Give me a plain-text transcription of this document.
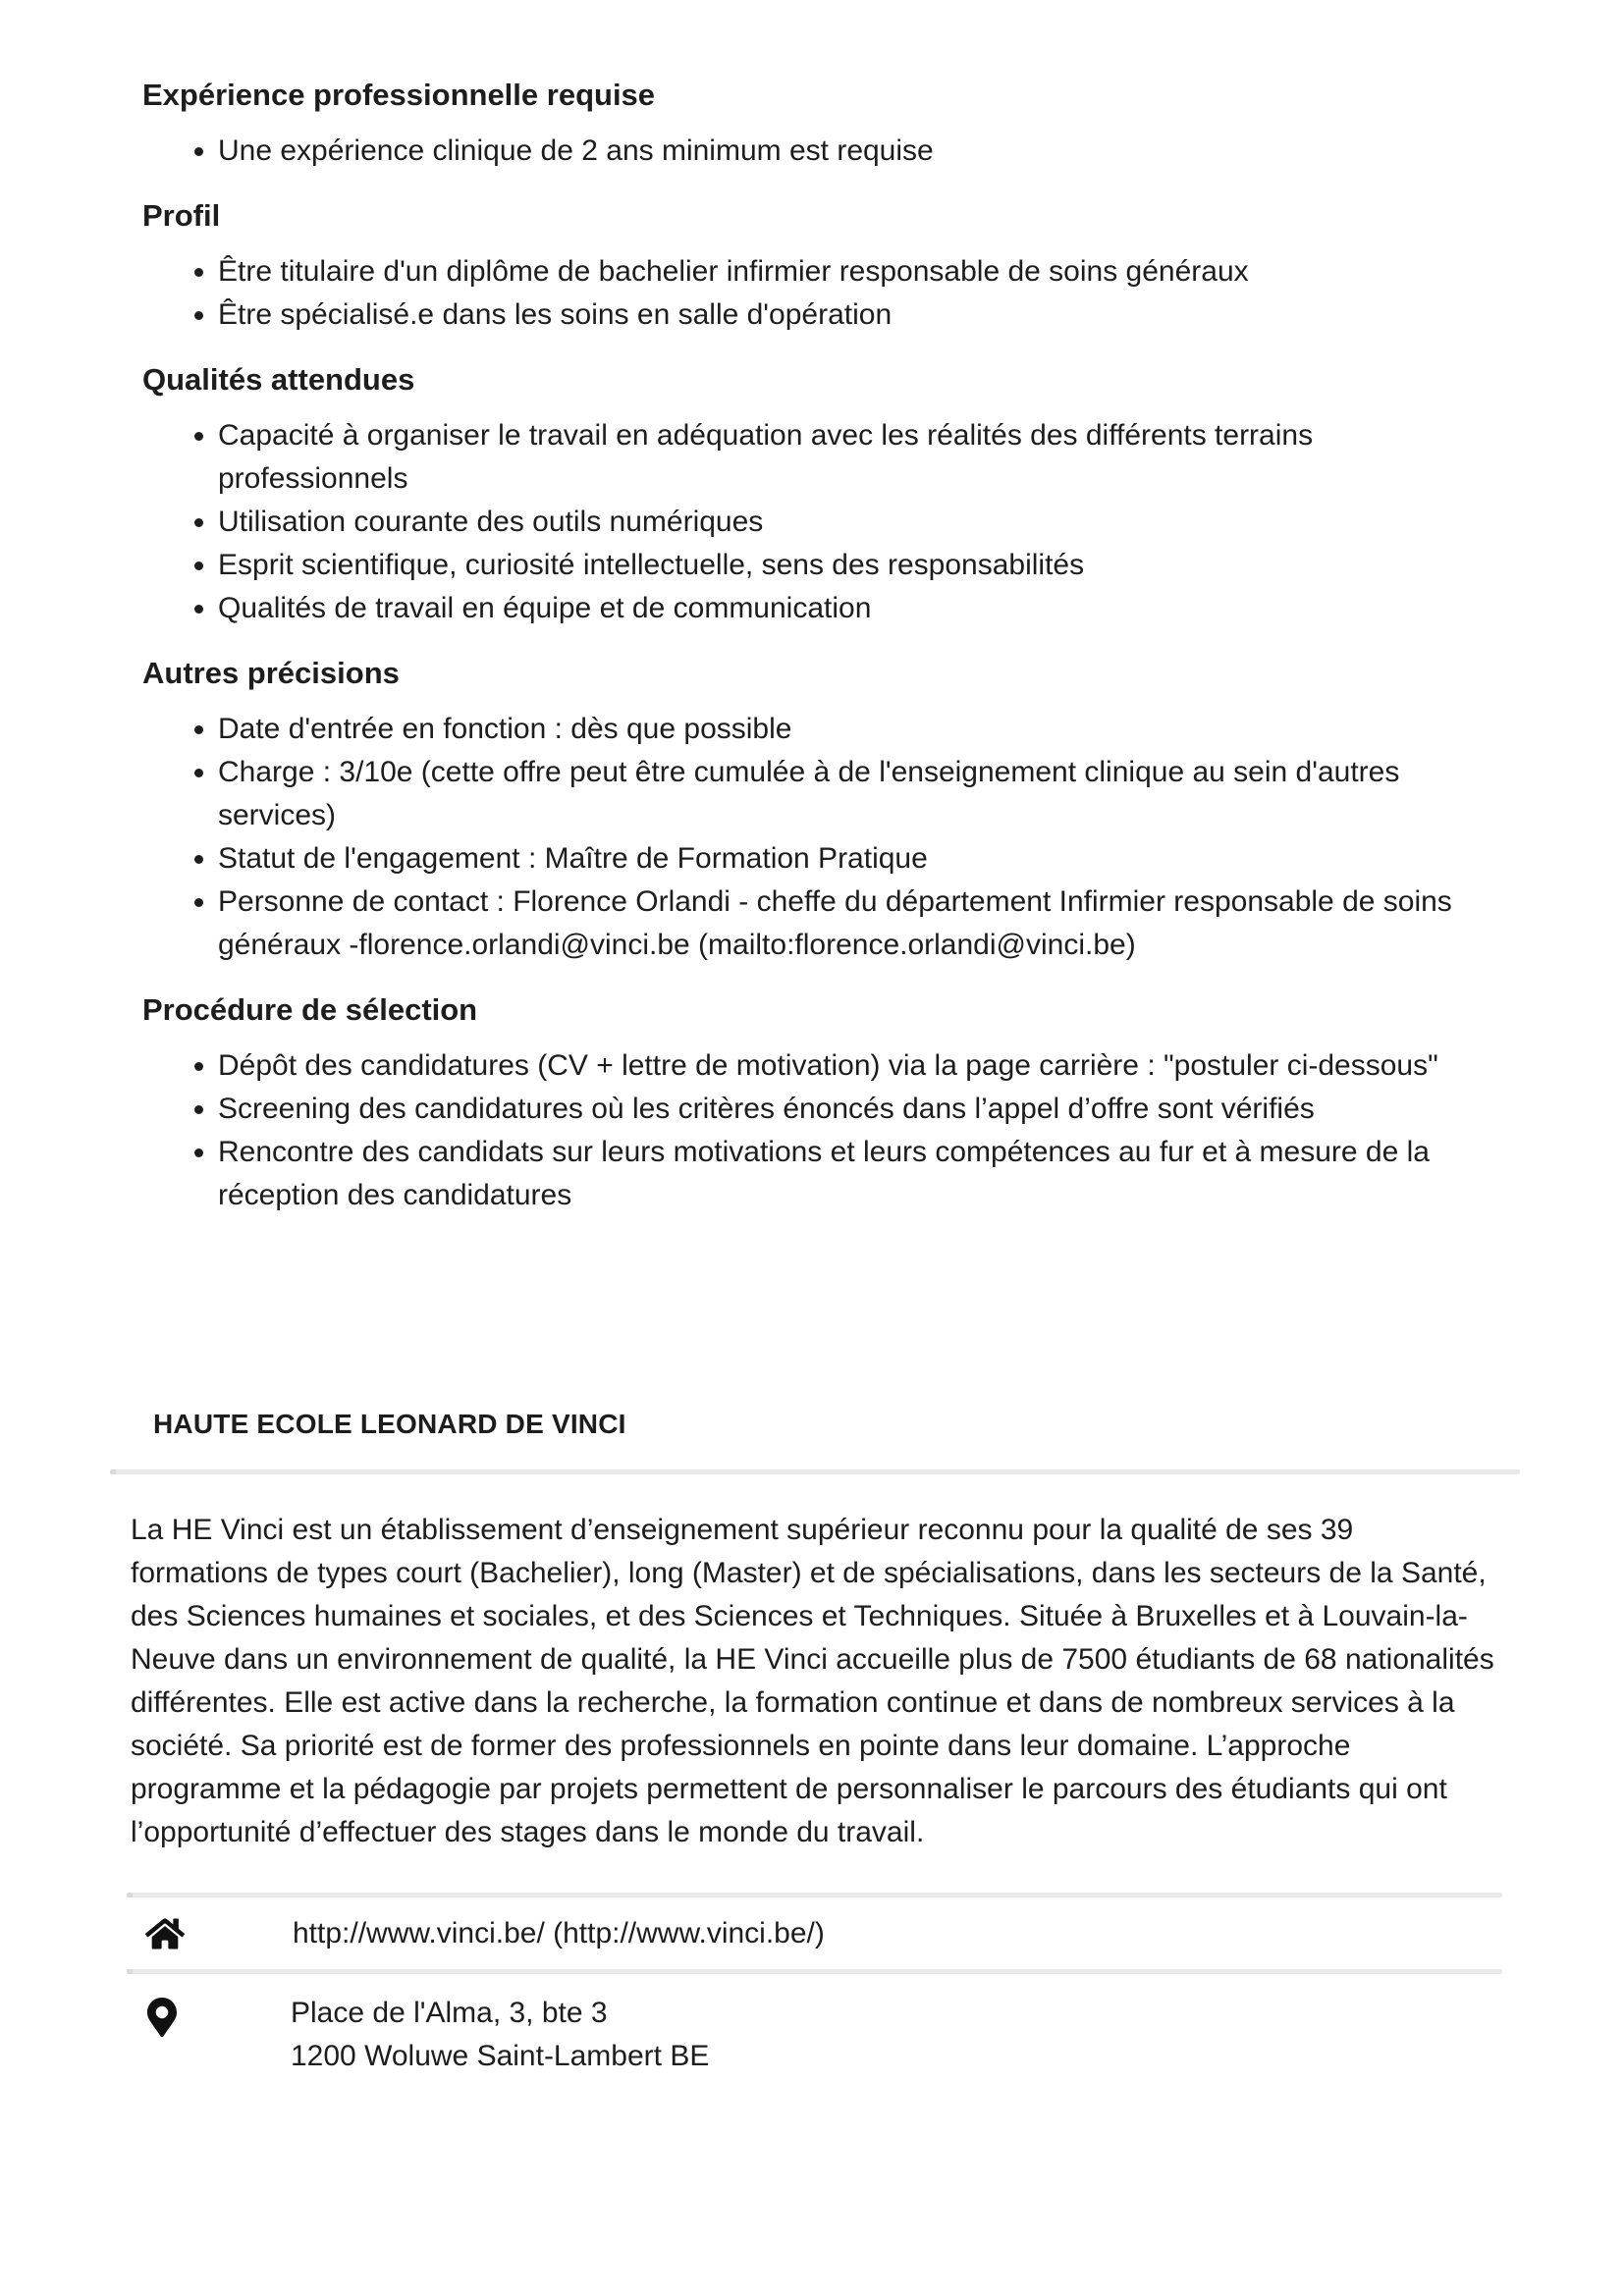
Expérience professionnelle requise
• Une expérience clinique de 2 ans minimum est requise
Profil
• Être titulaire d'un diplôme de bachelier infirmier responsable de soins généraux
• Être spécialisé.e dans les soins en salle d'opération
Qualités attendues
• Capacité à organiser le travail en adéquation avec les réalités des différents terrains professionnels
• Utilisation courante des outils numériques
• Esprit scientifique, curiosité intellectuelle, sens des responsabilités
• Qualités de travail en équipe et de communication
Autres précisions
• Date d'entrée en fonction : dès que possible
• Charge : 3/10e (cette offre peut être cumulée à de l'enseignement clinique au sein d'autres services)
• Statut de l'engagement : Maître de Formation Pratique
• Personne de contact : Florence Orlandi - cheffe du département Infirmier responsable de soins généraux -florence.orlandi@vinci.be (mailto:florence.orlandi@vinci.be)
Procédure de sélection
• Dépôt des candidatures (CV + lettre de motivation) via la page carrière : "postuler ci-dessous"
• Screening des candidatures où les critères énoncés dans l’appel d’offre sont vérifiés
• Rencontre des candidats sur leurs motivations et leurs compétences au fur et à mesure de la réception des candidatures
HAUTE ECOLE LEONARD DE VINCI

La HE Vinci est un établissement d’enseignement supérieur reconnu pour la qualité de ses 39 formations de types court (Bachelier), long (Master) et de spécialisations, dans les secteurs de la Santé, des Sciences humaines et sociales, et des Sciences et Techniques. Située à Bruxelles et à Louvain-la-Neuve dans un environnement de qualité, la HE Vinci accueille plus de 7500 étudiants de 68 nationalités différentes. Elle est active dans la recherche, la formation continue et dans de nombreux services à la société. Sa priorité est de former des professionnels en pointe dans leur domaine. L’approche programme et la pédagogie par projets permettent de personnaliser le parcours des étudiants qui ont l’opportunité d’effectuer des stages dans le monde du travail.

http://www.vinci.be/ (http://www.vinci.be/)
Place de l'Alma, 3, bte 3
1200 Woluwe Saint-Lambert BE
